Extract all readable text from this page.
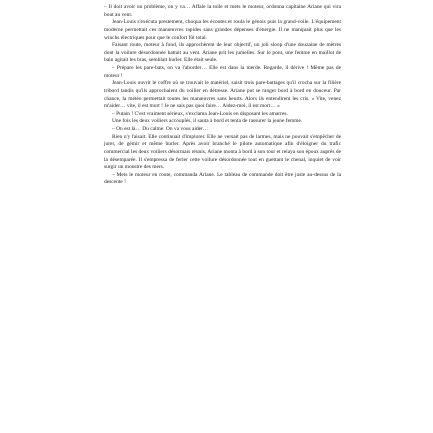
– Il doit avoir un problème, on y va… Affale la toile et mets le moteur, ordonna capitaine Ariane qui vira bout au vent.

Jean-Louis s'exécuta prestement, choqua les écoutes et roula le génois puis la grand-voile. L'équipement moderne permettait ces manœuvres rapides sans grandes dépenses d'énergie. Il ne manquait plus que les winchs électriques pour que le confort fût total.

Faisant route, moteur à fond, ils approchèrent de leur objectif, un joli sloop d'une douzaine de mètres dont la voilure désordonnée battait au vent. Ariane prit les jumelles. Sur le pont, une femme en maillot de bain agitait les bras, semblait hurler. Elle était seule.

– Prépare les pare-bats, on va l'aborder… Elle est dans la merde. Regarde, il dérive ! Même pas de moteur !

Jean-Louis ouvrit le coffre où se trouvait le matériel, saisit trois pare-battages qu'il crocha sur la filière tribord tandis qu'ils approchaient du voilier en détresse. Ariane put se ranger bord à bord en douceur. Par chance, la météo permettait toutes les manœuvres sans heurts. Alors ils entendirent les cris. « Vite, venez m'aider… vite, il est mort ! Je ne sais pas quoi faire… Aidez-moi, il est mort… »

– Putain ! C'est vraiment sérieux, s'exclama Jean-Louis en disposant les amarres.

Une fois les deux voiliers accouplés, il sauta à bord et tenta de rassurer la jeune femme.

– On est là… Du calme. On va vous aider…

Rien n'y faisait. Elle continuait d'implorer. Elle ne versait pas de larmes, mais ne pouvait s'empêcher de jurer, de gémir et même hurler. Après avoir branché le pilote automatique afin d'éloigner du trafic commercial les deux voiliers désormais réunis, Ariane monta à bord à son tour et relaya son époux auprès de la désemparée. Il s'empressa de ferler cette voilure désordonnée tout en guettant le chenal, inquiet de voir surgir un monstre des mers.

– Mets le moteur en route, commanda Ariane. Le tableau de commande doit être juste au-dessus de la descente !
